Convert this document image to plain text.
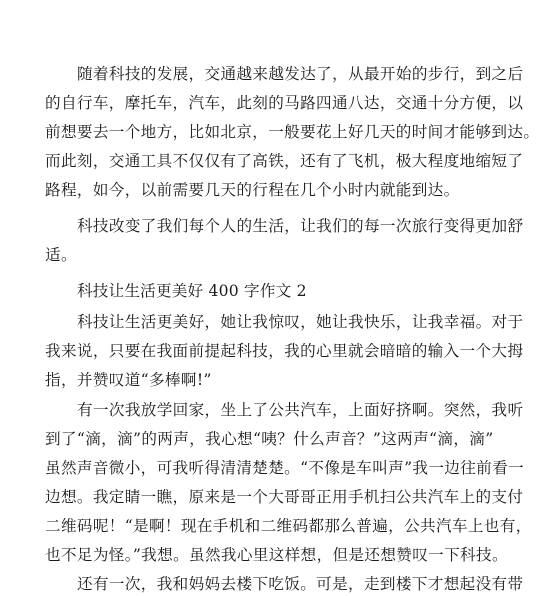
随着科技的发展，交通越来越发达了，从最开始的步行，到之后
的自行车，摩托车，汽车，此刻的马路四通八达，交通十分方便，以
前想要去一个地方，比如北京，一般要花上好几天的时间才能够到达。
而此刻，交通工具不仅仅有了高铁，还有了飞机，极大程度地缩短了
路程，如今，以前需要几天的行程在几个小时内就能到达。
科技改变了我们每个人的生活，让我们的每一次旅行变得更加舒
适。
科技让生活更美好 400 字作文 2
科技让生活更美好，她让我惊叹，她让我快乐，让我幸福。对于
我来说，只要在我面前提起科技，我的心里就会暗暗的输入一个大拇
指，并赞叹道“多棒啊!”
有一次我放学回家，坐上了公共汽车，上面好挤啊。突然，我听
到了“滴，滴”的两声，我心想“咦？什么声音？”这两声“滴，滴”
虽然声音微小，可我听得清清楚楚。“不像是车叫声”我一边往前看一
边想。我定睛一瞧，原来是一个大哥哥正用手机扫公共汽车上的支付
二维码呢！“是啊！现在手机和二维码都那么普遍，公共汽车上也有，
也不足为怪。”我想。虽然我心里这样想，但是还想赞叹一下科技。
还有一次，我和妈妈去楼下吃饭。可是，走到楼下才想起没有带
